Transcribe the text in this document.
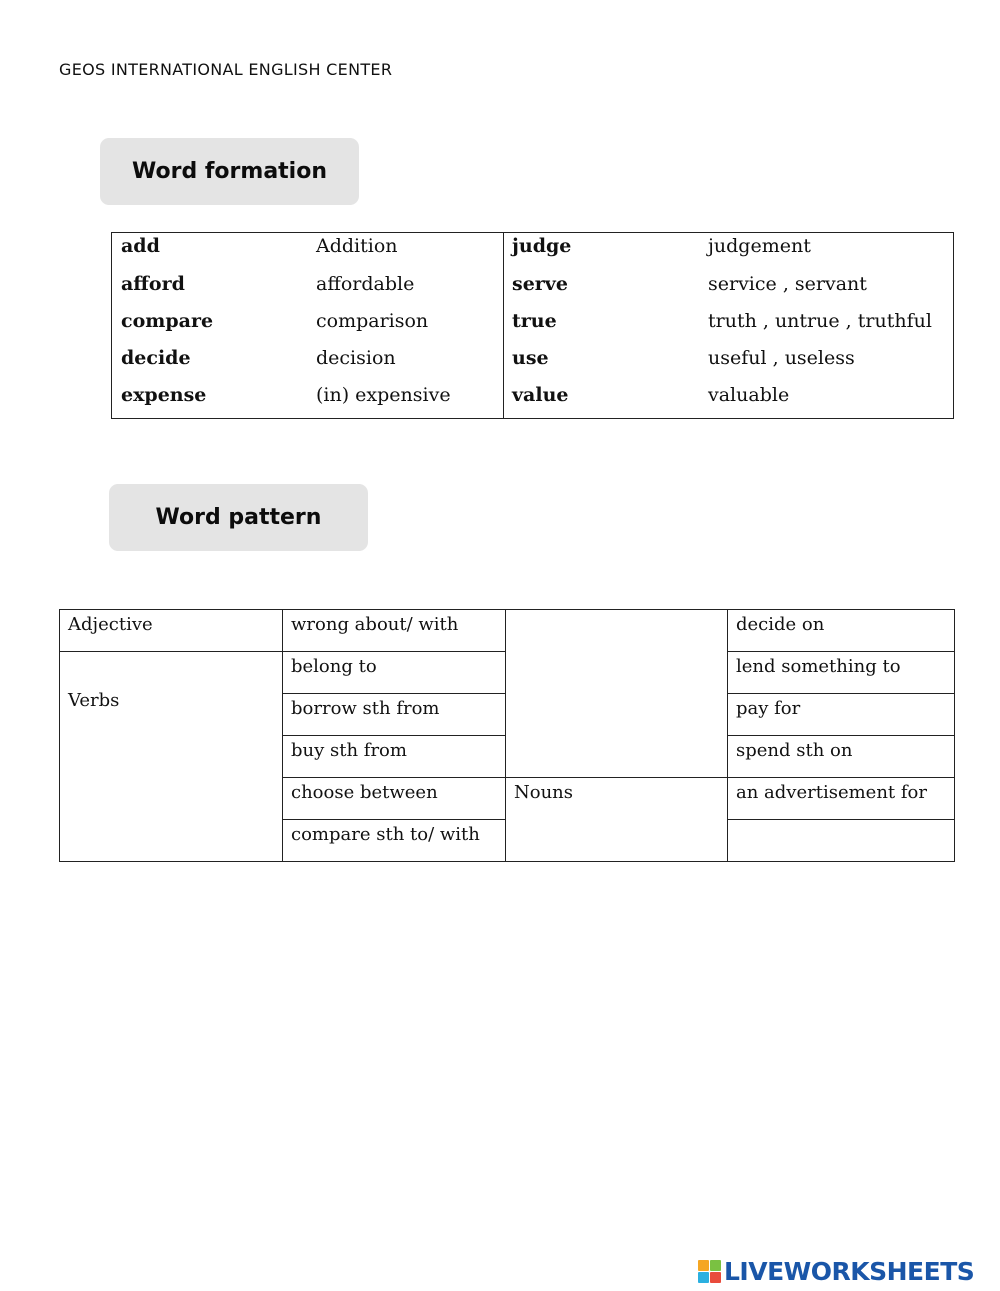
GEOS INTERNATIONAL ENGLISH CENTER
Word formation
add	Addition
afford	affordable
compare	comparison
decide	decision
expense	(in) expensive
judge	judgement
serve	service , servant
true	truth , untrue , truthful
use	useful , useless
value	valuable
Word pattern
Adjective	wrong about/ with		decide on
Verbs	belong to		lend something to
	borrow sth from		pay for
	buy sth from		spend sth on
	choose between	Nouns	an advertisement for
	compare sth to/ with		
LIVEWORKSHEETS
